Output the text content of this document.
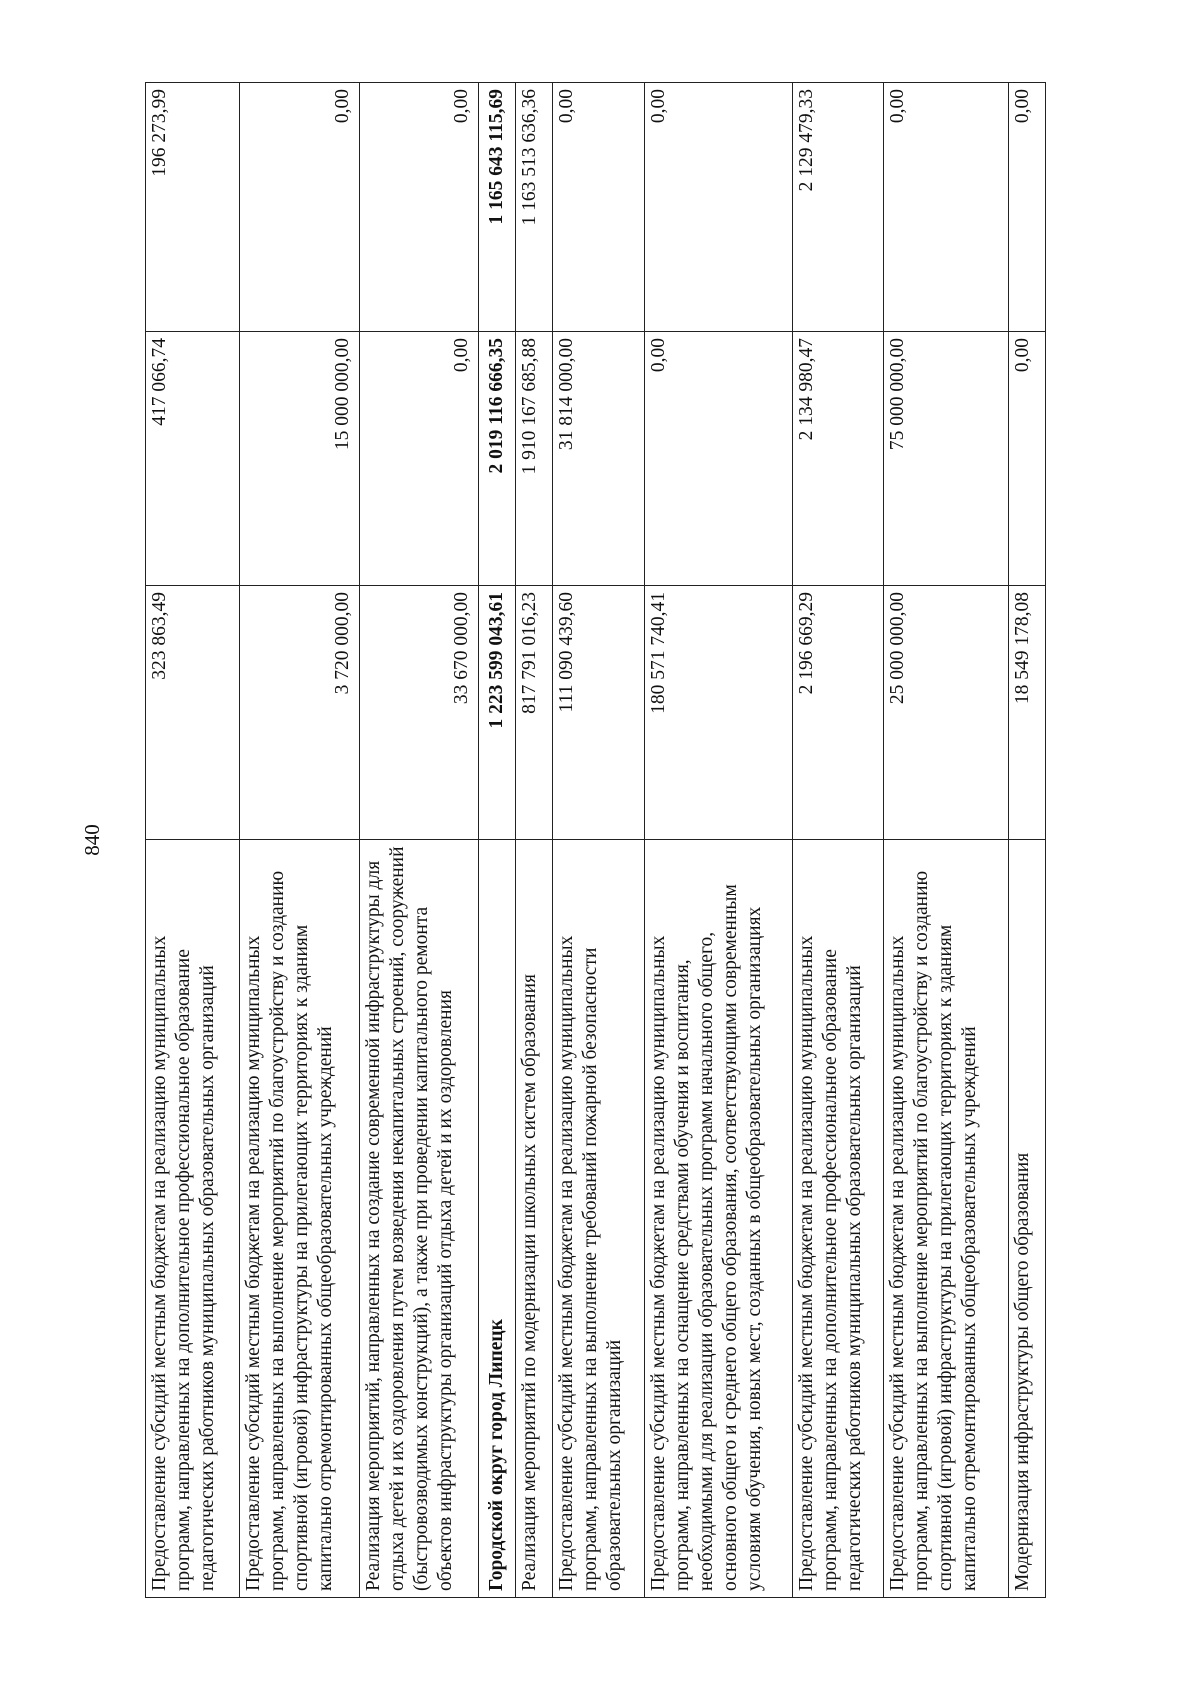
840
Предоставление субсидий местным бюджетам на реализацию муниципальных программ, направленных на дополнительное профессиональное образование педагогических работников муниципальных образовательных организаций	323 863,49	417 066,74	196 273,99
Предоставление субсидий местным бюджетам на реализацию муниципальных программ, направленных на выполнение мероприятий по благоустройству и созданию спортивной (игровой) инфраструктуры на прилегающих территориях к зданиям капитально отремонтированных общеобразовательных учреждений	3 720 000,00	15 000 000,00	0,00
Реализация мероприятий, направленных на создание современной инфраструктуры для отдыха детей и их оздоровления путем возведения некапитальных строений, сооружений (быстровозводимых конструкций), а также при проведении капитального ремонта объектов инфраструктуры организаций отдыха детей и их оздоровления	33 670 000,00	0,00	0,00
Городской округ город Липецк	1 223 599 043,61	2 019 116 666,35	1 165 643 115,69
Реализация мероприятий по модернизации школьных систем образования	817 791 016,23	1 910 167 685,88	1 163 513 636,36
Предоставление субсидий местным бюджетам на реализацию муниципальных программ, направленных на выполнение требований пожарной безопасности образовательных организаций	111 090 439,60	31 814 000,00	0,00
Предоставление субсидий местным бюджетам на реализацию муниципальных программ, направленных на оснащение средствами обучения и воспитания, необходимыми для реализации образовательных программ начального общего, основного общего и среднего общего образования, соответствующими современным условиям обучения, новых мест, созданных в общеобразовательных организациях	180 571 740,41	0,00	0,00
Предоставление субсидий местным бюджетам на реализацию муниципальных программ, направленных на дополнительное профессиональное образование педагогических работников муниципальных образовательных организаций	2 196 669,29	2 134 980,47	2 129 479,33
Предоставление субсидий местным бюджетам на реализацию муниципальных программ, направленных на выполнение мероприятий по благоустройству и созданию спортивной (игровой) инфраструктуры на прилегающих территориях к зданиям капитально отремонтированных общеобразовательных учреждений	25 000 000,00	75 000 000,00	0,00
Модернизация инфраструктуры общего образования	18 549 178,08	0,00	0,00
